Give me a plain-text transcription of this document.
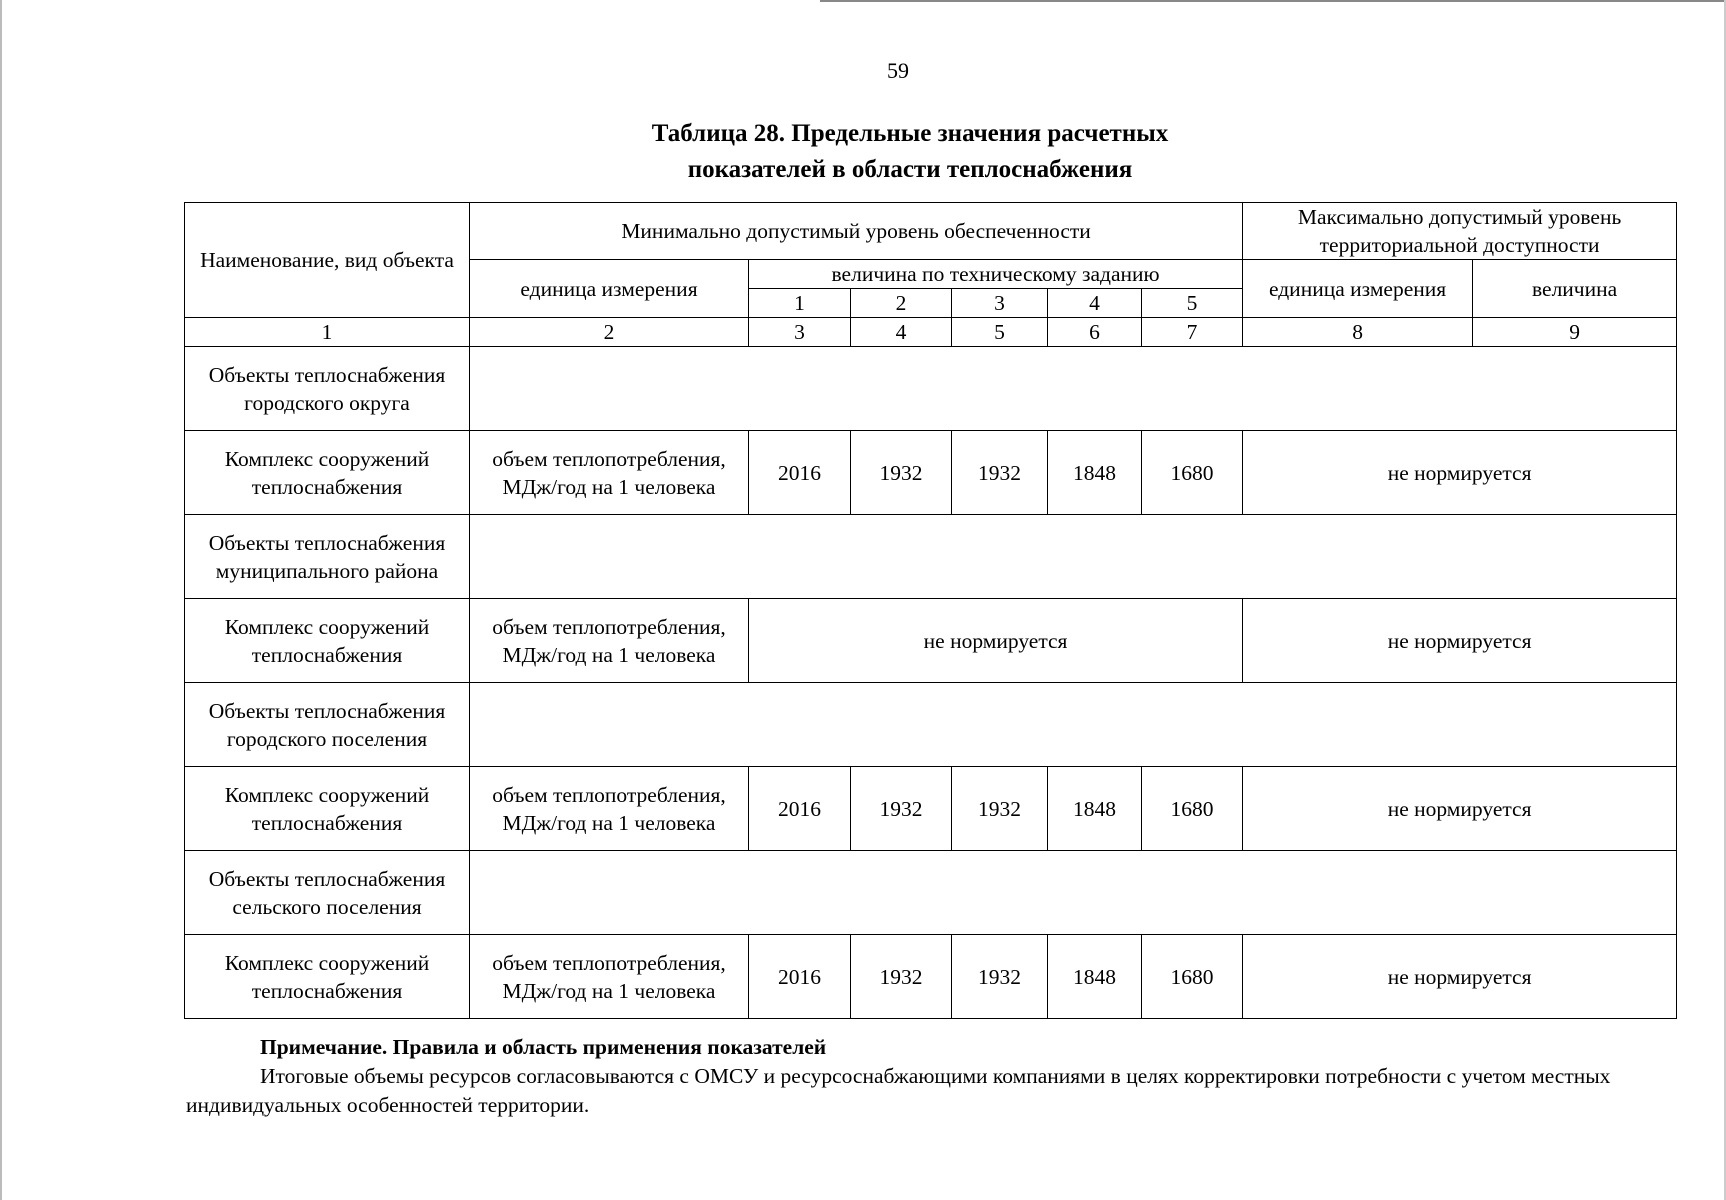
59
Таблица 28. Предельные значения расчетных
показателей в области теплоснабжения
Наименование, вид объекта	Минимально допустимый уровень обеспеченности						Максимально допустимый уровень территориальной доступности	
	единица измерения	величина по техническому заданию					единица измерения	величина
		1	2	3	4	5		
1	2	3	4	5	6	7	8	9
Объекты теплоснабжения городского округа								
Комплекс сооружений теплоснабжения	объем теплопотребления, МДж/год на 1 человека	2016	1932	1932	1848	1680	не нормируется	
Объекты теплоснабжения муниципального района								
Комплекс сооружений теплоснабжения	объем теплопотребления, МДж/год на 1 человека	не нормируется					не нормируется	
Объекты теплоснабжения городского поселения								
Комплекс сооружений теплоснабжения	объем теплопотребления, МДж/год на 1 человека	2016	1932	1932	1848	1680	не нормируется	
Объекты теплоснабжения сельского поселения								
Комплекс сооружений теплоснабжения	объем теплопотребления, МДж/год на 1 человека	2016	1932	1932	1848	1680	не нормируется	
Примечание. Правила и область применения показателей
Итоговые объемы ресурсов согласовываются с ОМСУ и ресурсоснабжающими компаниями в целях корректировки потребности с учетом местных индивидуальных особенностей территории.
